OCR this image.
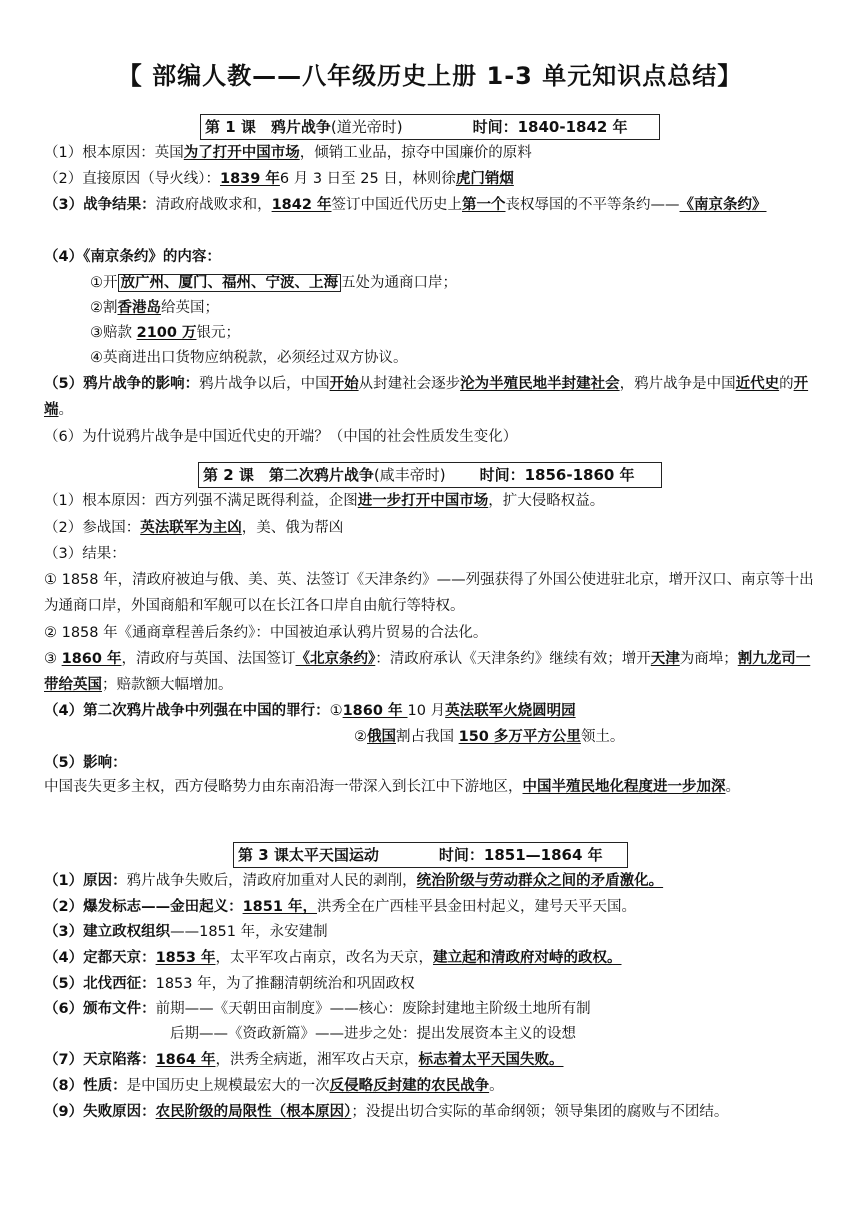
【 部编人教——八年级历史上册 1-3 单元知识点总结】
第 1 课　鸦片战争(道光帝时)	时间：1840-1842 年
（1）根本原因：英国为了打开中国市场，倾销工业品，掠夺中国廉价的原料
（2）直接原因（导火线）：1839 年6 月 3 日至 25 日，林则徐虎门销烟
（3）战争结果：清政府战败求和，1842 年签订中国近代历史上第一个丧权辱国的不平等条约——《南京条约》
（4）《南京条约》的内容：
①开 放广州、厦门、福州、宁波、上海 五处为通商口岸；
②割香港岛给英国；
③赔款 2100 万银元；
④英商进出口货物应纳税款，必须经过双方协议。
（5）鸦片战争的影响：鸦片战争以后，中国开始从封建社会逐步沦为半殖民地半封建社会，鸦片战争是中国近代史的开端。
（6）为什说鸦片战争是中国近代史的开端？（中国的社会性质发生变化）
第 2 课　第二次鸦片战争(咸丰帝时) 时间：1856-1860 年
（1）根本原因：西方列强不满足既得利益，企图进一步打开中国市场，扩大侵略权益。
（2）参战国：英法联军为主凶，美、俄为帮凶
（3）结果：
① 1858 年，清政府被迫与俄、美、英、法签订《天津条约》——列强获得了外国公使进驻北京，增开汉口、南京等十出为通商口岸，外国商船和军舰可以在长江各口岸自由航行等特权。
② 1858 年《通商章程善后条约》：中国被迫承认鸦片贸易的合法化。
③ 1860 年，清政府与英国、法国签订《北京条约》：清政府承认《天津条约》继续有效；增开天津为商埠；割九龙司一带给英国；赔款额大幅增加。
（4）第二次鸦片战争中列强在中国的罪行：①1860 年 10 月英法联军火烧圆明园
②俄国割占我国 150 多万平方公里领土。
（5）影响：
中国丧失更多主权，西方侵略势力由东南沿海一带深入到长江中下游地区，中国半殖民地化程度进一步加深。
第 3 课太平天国运动	时间：1851—1864 年
（1）原因：鸦片战争失败后，清政府加重对人民的剥削，统治阶级与劳动群众之间的矛盾激化。
（2）爆发标志——金田起义：1851 年，洪秀全在广西桂平县金田村起义，建号天平天国。
（3）建立政权组织——1851 年，永安建制
（4）定都天京：1853 年，太平军攻占南京，改名为天京，建立起和清政府对峙的政权。
（5）北伐西征：1853 年，为了推翻清朝统治和巩固政权
（6）颁布文件：前期——《天朝田亩制度》——核心：废除封建地主阶级土地所有制
后期——《资政新篇》——进步之处：提出发展资本主义的设想
（7）天京陷落：1864 年，洪秀全病逝，湘军攻占天京，标志着太平天国失败。
（8）性质：是中国历史上规模最宏大的一次反侵略反封建的农民战争。
（9）失败原因：农民阶级的局限性（根本原因）；没提出切合实际的革命纲领；领导集团的腐败与不团结。
